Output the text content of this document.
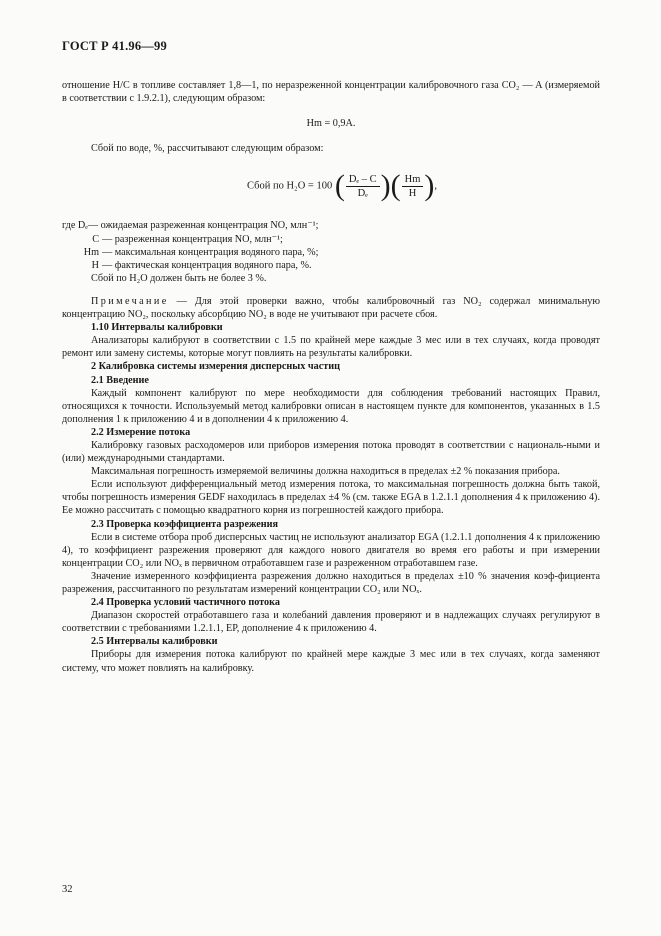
ГОСТ Р 41.96—99

отношение H/C в топливе составляет 1,8—1, по неразреженной концентрации калибровочного газа CO₂ — A (измеряемой в соответствии с 1.9.2.1), следующим образом:

Hm = 0,9A.

Сбой по воде, %, рассчитывают следующим образом:

Сбой по H₂O = 100 ( $\frac{\text{Dₑ – C}}{\text{Dₑ}}$ )( $\frac{Hm}{H}$ ),
где Dₑ — ожидаемая разреженная концентрация NO, млн⁻¹;
C — разреженная концентрация NO, млн⁻¹;
Hm — максимальная концентрация водяного пара, %;
H — фактическая концентрация водяного пара, %.

Сбой по H₂O должен быть не более 3 %.

Примечание — Для этой проверки важно, чтобы калибровочный газ NO₂ содержал минимальную концентрацию NO₂, поскольку абсорбцию NO₂ в воде не учитывают при расчете сбоя.

1.10 Интервалы калибровки

Анализаторы калибруют в соответствии с 1.5 по крайней мере каждые 3 мес или в тех случаях, когда проводят ремонт или замену системы, которые могут повлиять на результаты калибровки.

2 Калибровка системы измерения дисперсных частиц

2.1 Введение

Каждый компонент калибруют по мере необходимости для соблюдения требований настоящих Правил, относящихся к точности. Используемый метод калибровки описан в настоящем пункте для компонентов, указанных в 1.5 дополнения 1 к приложению 4 и в дополнении 4 к приложению 4.

2.2 Измерение потока

Калибровку газовых расходомеров или приборов измерения потока проводят в соответствии с националь-ными и (или) международными стандартами.

Максимальная погрешность измеряемой величины должна находиться в пределах ±2 % показания прибора.

Если используют дифференциальный метод измерения потока, то максимальная погрешность должна быть такой, чтобы погрешность измерения GEDF находилась в пределах ±4 % (см. также EGA в 1.2.1.1 дополнения 4 к приложению 4). Ее можно рассчитать с помощью квадратного корня из погрешностей каждого прибора.

2.3 Проверка коэффициента разрежения

Если в системе отбора проб дисперсных частиц не используют анализатор EGA (1.2.1.1 дополнения 4 к приложению 4), то коэффициент разрежения проверяют для каждого нового двигателя во время его работы и при измерении концентрации CO₂ или NOₓ в первичном отработавшем газе и разреженном отработавшем газе.

Значение измеренного коэффициента разрежения должно находиться в пределах ±10 % значения коэф-фициента разрежения, рассчитанного по результатам измерений концентрации CO₂ или NOₓ.

2.4 Проверка условий частичного потока

Диапазон скоростей отработавшего газа и колебаний давления проверяют и в надлежащих случаях регулируют в соответствии с требованиями 1.2.1.1, EP, дополнение 4 к приложению 4.

2.5 Интервалы калибровки

Приборы для измерения потока калибруют по крайней мере каждые 3 мес или в тех случаях, когда заменяют систему, что может повлиять на калибровку.

32
